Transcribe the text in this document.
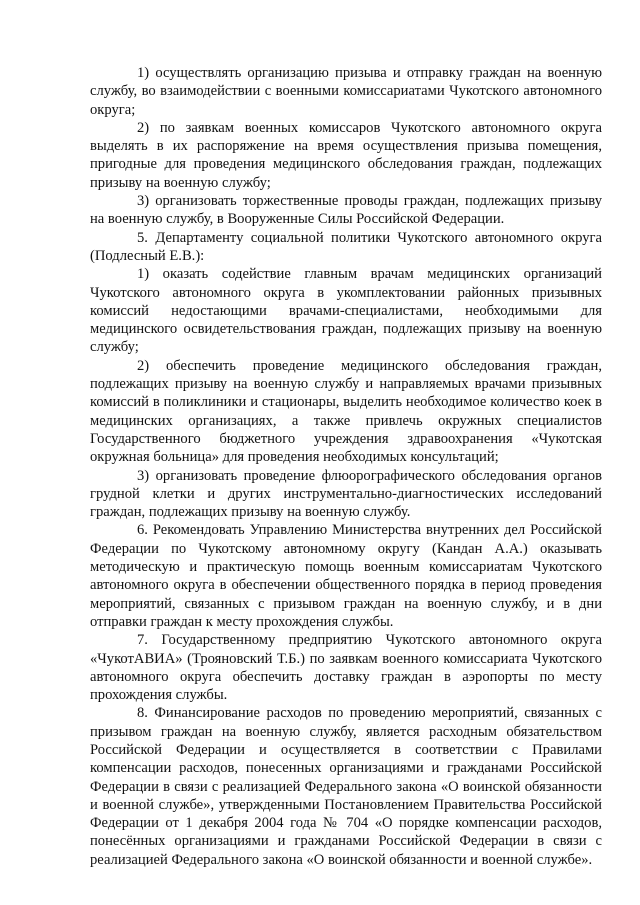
1) осуществлять организацию призыва и отправку граждан на военную службу, во взаимодействии с военными комиссариатами Чукотского автономного округа;

2) по заявкам военных комиссаров Чукотского автономного округа выделять в их распоряжение на время осуществления призыва помещения, пригодные для проведения медицинского обследования граждан, подлежащих призыву на военную службу;

3) организовать торжественные проводы граждан, подлежащих призыву на военную службу, в Вооруженные Силы Российской Федерации.

5. Департаменту социальной политики Чукотского автономного округа (Подлесный Е.В.):

1) оказать содействие главным врачам медицинских организаций Чукотского автономного округа в укомплектовании районных призывных комиссий недостающими врачами-специалистами, необходимыми для медицинского освидетельствования граждан, подлежащих призыву на военную службу;

2) обеспечить проведение медицинского обследования граждан, подлежащих призыву на военную службу и направляемых врачами призывных комиссий в поликлиники и стационары, выделить необходимое количество коек в медицинских организациях, а также привлечь окружных специалистов Государственного бюджетного учреждения здравоохранения «Чукотская окружная больница» для проведения необходимых консультаций;

3) организовать проведение флюорографического обследования органов грудной клетки и других инструментально-диагностических исследований граждан, подлежащих призыву на военную службу.

6. Рекомендовать Управлению Министерства внутренних дел Российской Федерации по Чукотскому автономному округу (Кандан А.А.) оказывать методическую и практическую помощь военным комиссариатам Чукотского автономного округа в обеспечении общественного порядка в период проведения мероприятий, связанных с призывом граждан на военную службу, и в дни отправки граждан к месту прохождения службы.

7. Государственному предприятию Чукотского автономного округа «ЧукотАВИА» (Трояновский Т.Б.) по заявкам военного комиссариата Чукотского автономного округа обеспечить доставку граждан в аэропорты по месту прохождения службы.

8. Финансирование расходов по проведению мероприятий, связанных с призывом граждан на военную службу, является расходным обязательством Российской Федерации и осуществляется в соответствии с Правилами компенсации расходов, понесенных организациями и гражданами Российской Федерации в связи с реализацией Федерального закона «О воинской обязанности и военной службе», утвержденными Постановлением Правительства Российской Федерации от 1 декабря 2004 года № 704 «О порядке компенсации расходов, понесённых организациями и гражданами Российской Федерации в связи с реализацией Федерального закона «О воинской обязанности и военной службе».
